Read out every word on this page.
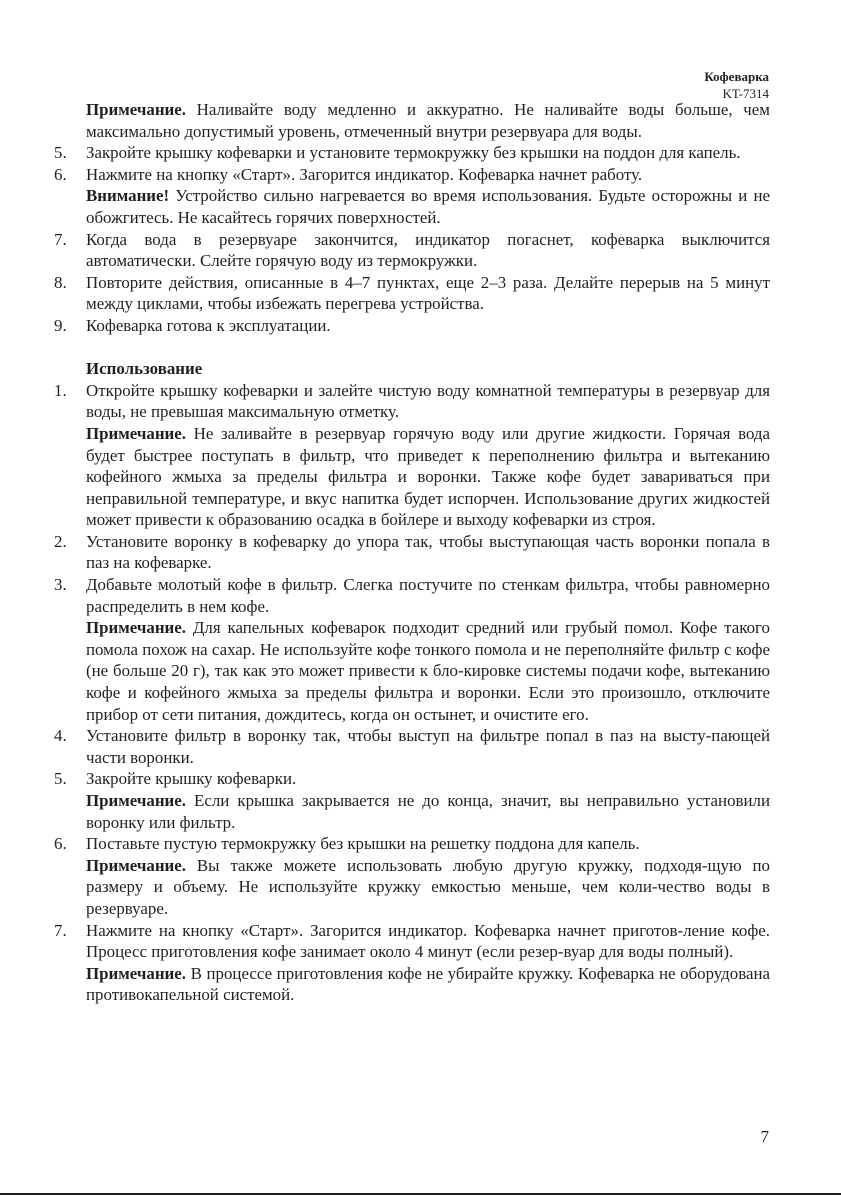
Кофеварка
KT-7314

Примечание. Наливайте воду медленно и аккуратно. Не наливайте воды больше, чем максимально допустимый уровень, отмеченный внутри резервуара для воды.

5. Закройте крышку кофеварки и установите термокружку без крышки на поддон для капель.

6. Нажмите на кнопку «Старт». Загорится индикатор. Кофеварка начнет работу.

Внимание! Устройство сильно нагревается во время использования. Будьте осторожны и не обожгитесь. Не касайтесь горячих поверхностей.

7. Когда вода в резервуаре закончится, индикатор погаснет, кофеварка выключится автоматически. Слейте горячую воду из термокружки.

8. Повторите действия, описанные в 4–7 пунктах, еще 2–3 раза. Делайте перерыв на 5 минут между циклами, чтобы избежать перегрева устройства.

9. Кофеварка готова к эксплуатации.

Использование

1. Откройте крышку кофеварки и залейте чистую воду комнатной температуры в резервуар для воды, не превышая максимальную отметку.

Примечание. Не заливайте в резервуар горячую воду или другие жидкости. Горячая вода будет быстрее поступать в фильтр, что приведет к переполнению фильтра и вытеканию кофейного жмыха за пределы фильтра и воронки. Также кофе будет завариваться при неправильной температуре, и вкус напитка будет испорчен. Использование других жидкостей может привести к образованию осадка в бойлере и выходу кофеварки из строя.

2. Установите воронку в кофеварку до упора так, чтобы выступающая часть воронки попала в паз на кофеварке.

3. Добавьте молотый кофе в фильтр. Слегка постучите по стенкам фильтра, чтобы равномерно распределить в нем кофе.

Примечание. Для капельных кофеварок подходит средний или грубый помол. Кофе такого помола похож на сахар. Не используйте кофе тонкого помола и не переполняйте фильтр с кофе (не больше 20 г), так как это может привести к бло-кировке системы подачи кофе, вытеканию кофе и кофейного жмыха за пределы фильтра и воронки. Если это произошло, отключите прибор от сети питания, дождитесь, когда он остынет, и очистите его.

4. Установите фильтр в воронку так, чтобы выступ на фильтре попал в паз на высту-пающей части воронки.

5. Закройте крышку кофеварки.

Примечание. Если крышка закрывается не до конца, значит, вы неправильно установили воронку или фильтр.

6. Поставьте пустую термокружку без крышки на решетку поддона для капель.

Примечание. Вы также можете использовать любую другую кружку, подходя-щую по размеру и объему. Не используйте кружку емкостью меньше, чем коли-чество воды в резервуаре.

7. Нажмите на кнопку «Старт». Загорится индикатор. Кофеварка начнет приготов-ление кофе. Процесс приготовления кофе занимает около 4 минут (если резер-вуар для воды полный).

Примечание. В процессе приготовления кофе не убирайте кружку. Кофеварка не оборудована противокапельной системой.

7
